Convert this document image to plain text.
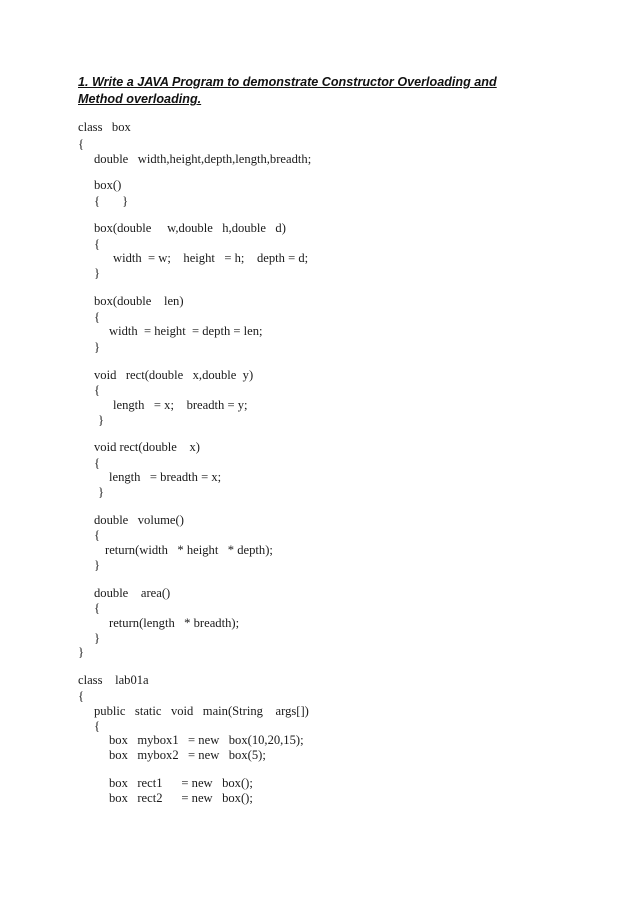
1. Write a JAVA Program to demonstrate Constructor Overloading and
Method overloading.
class   box
{
double   width,height,depth,length,breadth;
box()
{       }
box(double     w,double   h,double   d)
{
width  = w;    height   = h;    depth = d;
}
box(double    len)
{
width  = height  = depth = len;
}
void   rect(double   x,double  y)
{
length   = x;    breadth = y;
}
void rect(double    x)
{
length   = breadth = x;
}
double   volume()
{
return(width   * height   * depth);
}
double    area()
{
return(length   * breadth);
}
}
class    lab01a
{
public   static   void   main(String    args[])
{
box   mybox1   = new   box(10,20,15);
box   mybox2   = new   box(5);
box   rect1      = new   box();
box   rect2      = new   box();
